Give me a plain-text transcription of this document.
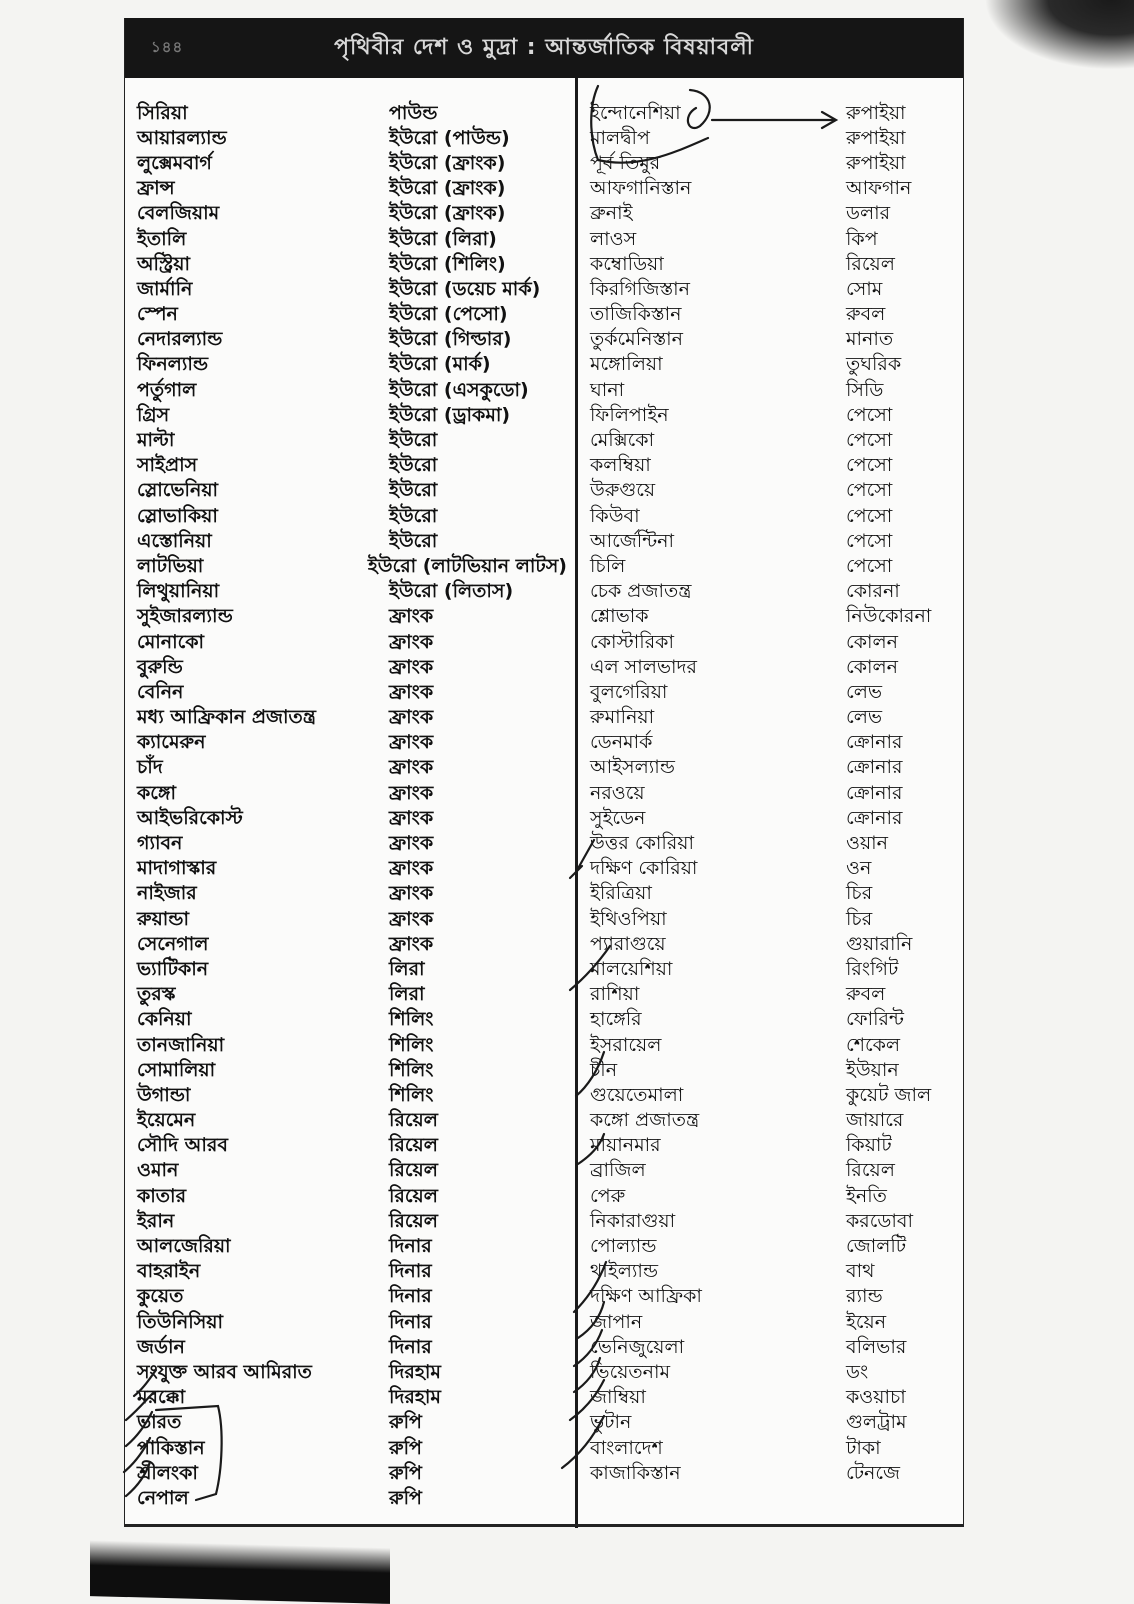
১৪৪	পৃথিবীর দেশ ও মুদ্রা : আন্তর্জাতিক বিষয়াবলী
সিরিয়া	পাউন্ড
আয়ারল্যান্ড	ইউরো (পাউন্ড)
লুক্সেমবার্গ	ইউরো (ফ্রাংক)
ফ্রান্স	ইউরো (ফ্রাংক)
বেলজিয়াম	ইউরো (ফ্রাংক)
ইতালি	ইউরো (লিরা)
অস্ট্রিয়া	ইউরো (শিলিং)
জার্মানি	ইউরো (ডয়েচ মার্ক)
স্পেন	ইউরো (পেসো)
নেদারল্যান্ড	ইউরো (গিল্ডার)
ফিনল্যান্ড	ইউরো (মার্ক)
পর্তুগাল	ইউরো (এসকুডো)
গ্রিস	ইউরো (ড্রাকমা)
মাল্টা	ইউরো
সাইপ্রাস	ইউরো
স্লোভেনিয়া	ইউরো
স্লোভাকিয়া	ইউরো
এস্তোনিয়া	ইউরো
লাটভিয়া	ইউরো (লাটভিয়ান লাটস)
লিথুয়ানিয়া	ইউরো (লিতাস)
সুইজারল্যান্ড	ফ্রাংক
মোনাকো	ফ্রাংক
বুরুন্ডি	ফ্রাংক
বেনিন	ফ্রাংক
মধ্য আফ্রিকান প্রজাতন্ত্র	ফ্রাংক
ক্যামেরুন	ফ্রাংক
চাঁদ	ফ্রাংক
কঙ্গো	ফ্রাংক
আইভরিকোস্ট	ফ্রাংক
গ্যাবন	ফ্রাংক
মাদাগাস্কার	ফ্রাংক
নাইজার	ফ্রাংক
রুয়ান্ডা	ফ্রাংক
সেনেগাল	ফ্রাংক
ভ্যাটিকান	লিরা
তুরস্ক	লিরা
কেনিয়া	শিলিং
তানজানিয়া	শিলিং
সোমালিয়া	শিলিং
উগান্ডা	শিলিং
ইয়েমেন	রিয়েল
সৌদি আরব	রিয়েল
ওমান	রিয়েল
কাতার	রিয়েল
ইরান	রিয়েল
আলজেরিয়া	দিনার
বাহরাইন	দিনার
কুয়েত	দিনার
তিউনিসিয়া	দিনার
জর্ডান	দিনার
সংযুক্ত আরব আমিরাত	দিরহাম
মরক্কো	দিরহাম
ভারত	রুপি
পাকিস্তান	রুপি
শ্রীলংকা	রুপি
নেপাল	রুপি
ইন্দোনেশিয়া	রুপাইয়া
মালদ্বীপ	রুপাইয়া
পূর্ব তিমুর	রুপাইয়া
আফগানিস্তান	আফগান
ব্রুনাই	ডলার
লাওস	কিপ
কম্বোডিয়া	রিয়েল
কিরগিজিস্তান	সোম
তাজিকিস্তান	রুবল
তুর্কমেনিস্তান	মানাত
মঙ্গোলিয়া	তুঘরিক
ঘানা	সিডি
ফিলিপাইন	পেসো
মেক্সিকো	পেসো
কলম্বিয়া	পেসো
উরুগুয়ে	পেসো
কিউবা	পেসো
আর্জেন্টিনা	পেসো
চিলি	পেসো
চেক প্রজাতন্ত্র	কোরনা
শ্লোভাক	নিউকোরনা
কোস্টারিকা	কোলন
এল সালভাদর	কোলন
বুলগেরিয়া	লেভ
রুমানিয়া	লেভ
ডেনমার্ক	ক্রোনার
আইসল্যান্ড	ক্রোনার
নরওয়ে	ক্রোনার
সুইডেন	ক্রোনার
উত্তর কোরিয়া	ওয়ান
দক্ষিণ কোরিয়া	ওন
ইরিত্রিয়া	চির
ইথিওপিয়া	চির
প্যারাগুয়ে	গুয়ারানি
মালয়েশিয়া	রিংগিট
রাশিয়া	রুবল
হাঙ্গেরি	ফোরিন্ট
ইসরায়েল	শেকেল
চীন	ইউয়ান
গুয়েতেমালা	কুয়েট জাল
কঙ্গো প্রজাতন্ত্র	জায়ারে
মায়ানমার	কিয়াট
ব্রাজিল	রিয়েল
পেরু	ইনতি
নিকারাগুয়া	করডোবা
পোল্যান্ড	জোলটি
থাইল্যান্ড	বাথ
দক্ষিণ আফ্রিকা	র‍্যান্ড
জাপান	ইয়েন
ভেনিজুয়েলা	বলিভার
ভিয়েতনাম	ডং
জাম্বিয়া	কওয়াচা
ভুটান	গুলট্রাম
বাংলাদেশ	টাকা
কাজাকিস্তান	টেনজে
